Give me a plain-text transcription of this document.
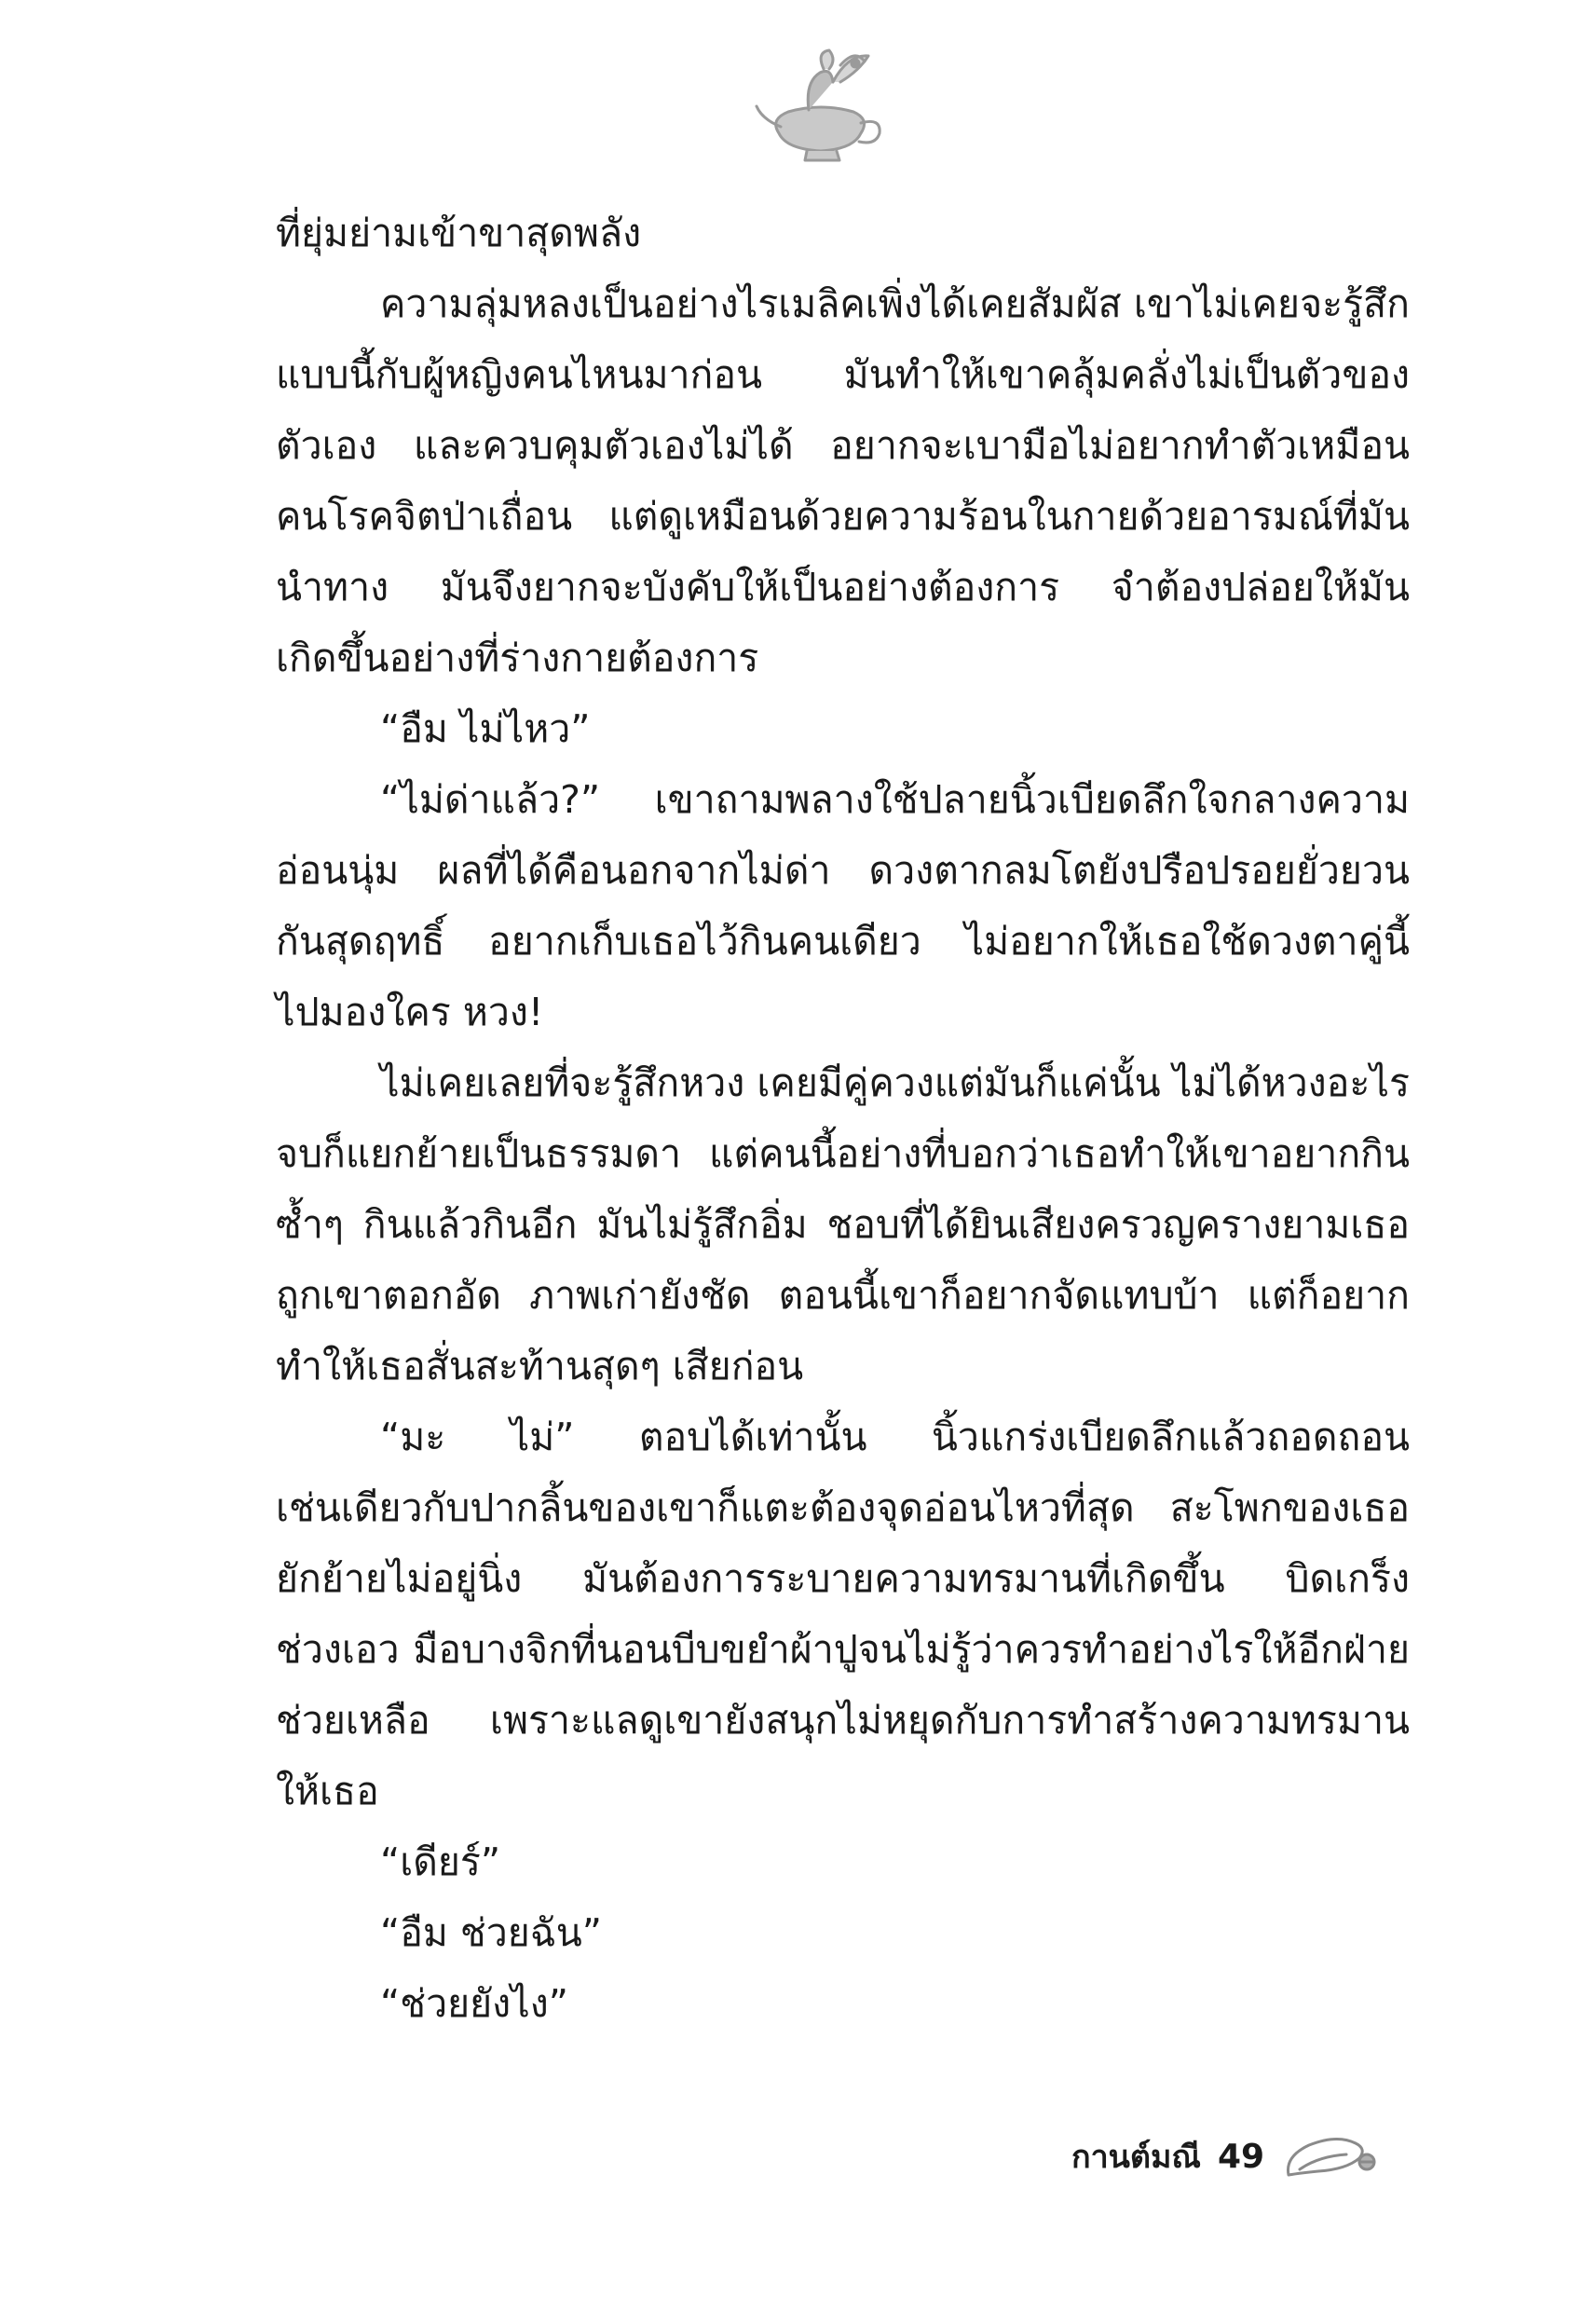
ที่ยุ่มย่ามเข้าขาสุดพลัง
ความลุ่มหลงเป็นอย่างไรเมลิคเพิ่งได้เคยสัมผัส เขาไม่เคยจะรู้สึก
แบบนี้กับผู้หญิงคนไหนมาก่อน มันทำให้เขาคลุ้มคลั่งไม่เป็นตัวของ
ตัวเอง และควบคุมตัวเองไม่ได้ อยากจะเบามือไม่อยากทำตัวเหมือน
คนโรคจิตป่าเถื่อน แต่ดูเหมือนด้วยความร้อนในกายด้วยอารมณ์ที่มัน
นำทาง มันจึงยากจะบังคับให้เป็นอย่างต้องการ จำต้องปล่อยให้มัน
เกิดขึ้นอย่างที่ร่างกายต้องการ
“อืม ไม่ไหว”
“ไม่ด่าแล้ว?” เขาถามพลางใช้ปลายนิ้วเบียดลึกใจกลางความ
อ่อนนุ่ม ผลที่ได้คือนอกจากไม่ด่า ดวงตากลมโตยังปรือปรอยยั่วยวน
กันสุดฤทธิ์ อยากเก็บเธอไว้กินคนเดียว ไม่อยากให้เธอใช้ดวงตาคู่นี้
ไปมองใคร หวง!
ไม่เคยเลยที่จะรู้สึกหวง เคยมีคู่ควงแต่มันก็แค่นั้น ไม่ได้หวงอะไร
จบก็แยกย้ายเป็นธรรมดา แต่คนนี้อย่างที่บอกว่าเธอทำให้เขาอยากกิน
ซ้ำๆ กินแล้วกินอีก มันไม่รู้สึกอิ่ม ชอบที่ได้ยินเสียงครวญครางยามเธอ
ถูกเขาตอกอัด ภาพเก่ายังชัด ตอนนี้เขาก็อยากจัดแทบบ้า แต่ก็อยาก
ทำให้เธอสั่นสะท้านสุดๆ เสียก่อน
“มะ ไม่” ตอบได้เท่านั้น นิ้วแกร่งเบียดลึกแล้วถอดถอน
เช่นเดียวกับปากลิ้นของเขาก็แตะต้องจุดอ่อนไหวที่สุด สะโพกของเธอ
ยักย้ายไม่อยู่นิ่ง มันต้องการระบายความทรมานที่เกิดขึ้น บิดเกร็ง
ช่วงเอว มือบางจิกที่นอนบีบขยำผ้าปูจนไม่รู้ว่าควรทำอย่างไรให้อีกฝ่าย
ช่วยเหลือ เพราะแลดูเขายังสนุกไม่หยุดกับการทำสร้างความทรมาน
ให้เธอ
“เดียร์”
“อืม ช่วยฉัน”
“ช่วยยังไง”
กานต์มณี 49
